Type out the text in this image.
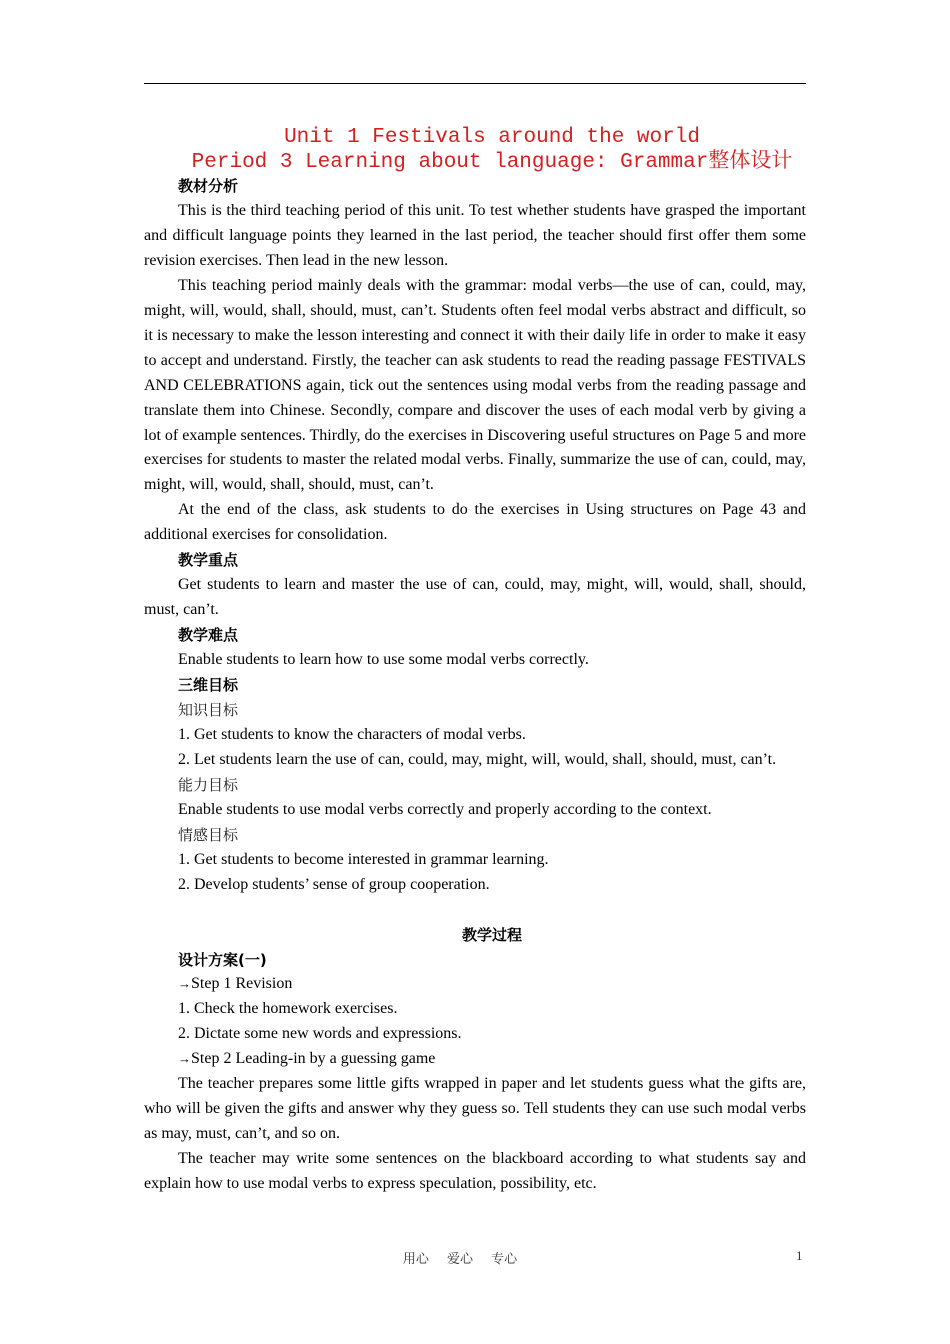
Unit 1 Festivals around the world
Period 3 Learning about language: Grammar整体设计

教材分析

This is the third teaching period of this unit. To test whether students have grasped the important and difficult language points they learned in the last period, the teacher should first offer them some revision exercises. Then lead in the new lesson.

This teaching period mainly deals with the grammar: modal verbs—the use of can, could, may, might, will, would, shall, should, must, can’t. Students often feel modal verbs abstract and difficult, so it is necessary to make the lesson interesting and connect it with their daily life in order to make it easy to accept and understand. Firstly, the teacher can ask students to read the reading passage FESTIVALS AND CELEBRATIONS again, tick out the sentences using modal verbs from the reading passage and translate them into Chinese. Secondly, compare and discover the uses of each modal verb by giving a lot of example sentences. Thirdly, do the exercises in Discovering useful structures on Page 5 and more exercises for students to master the related modal verbs. Finally, summarize the use of can, could, may, might, will, would, shall, should, must, can’t.

At the end of the class, ask students to do the exercises in Using structures on Page 43 and additional exercises for consolidation.

教学重点

Get students to learn and master the use of can, could, may, might, will, would, shall, should, must, can’t.

教学难点

Enable students to learn how to use some modal verbs correctly.

三维目标

知识目标

1. Get students to know the characters of modal verbs.

2. Let students learn the use of can, could, may, might, will, would, shall, should, must, can’t.

能力目标

Enable students to use modal verbs correctly and properly according to the context.

情感目标

1. Get students to become interested in grammar learning.

2. Develop students’ sense of group cooperation.

教学过程

设计方案(一)

→Step 1 Revision

1. Check the homework exercises.

2. Dictate some new words and expressions.

→Step 2 Leading-in by a guessing game

The teacher prepares some little gifts wrapped in paper and let students guess what the gifts are, who will be given the gifts and answer why they guess so. Tell students they can use such modal verbs as may, must, can’t, and so on.

The teacher may write some sentences on the blackboard according to what students say and explain how to use modal verbs to express speculation, possibility, etc.

用心 爱心 专心	1
